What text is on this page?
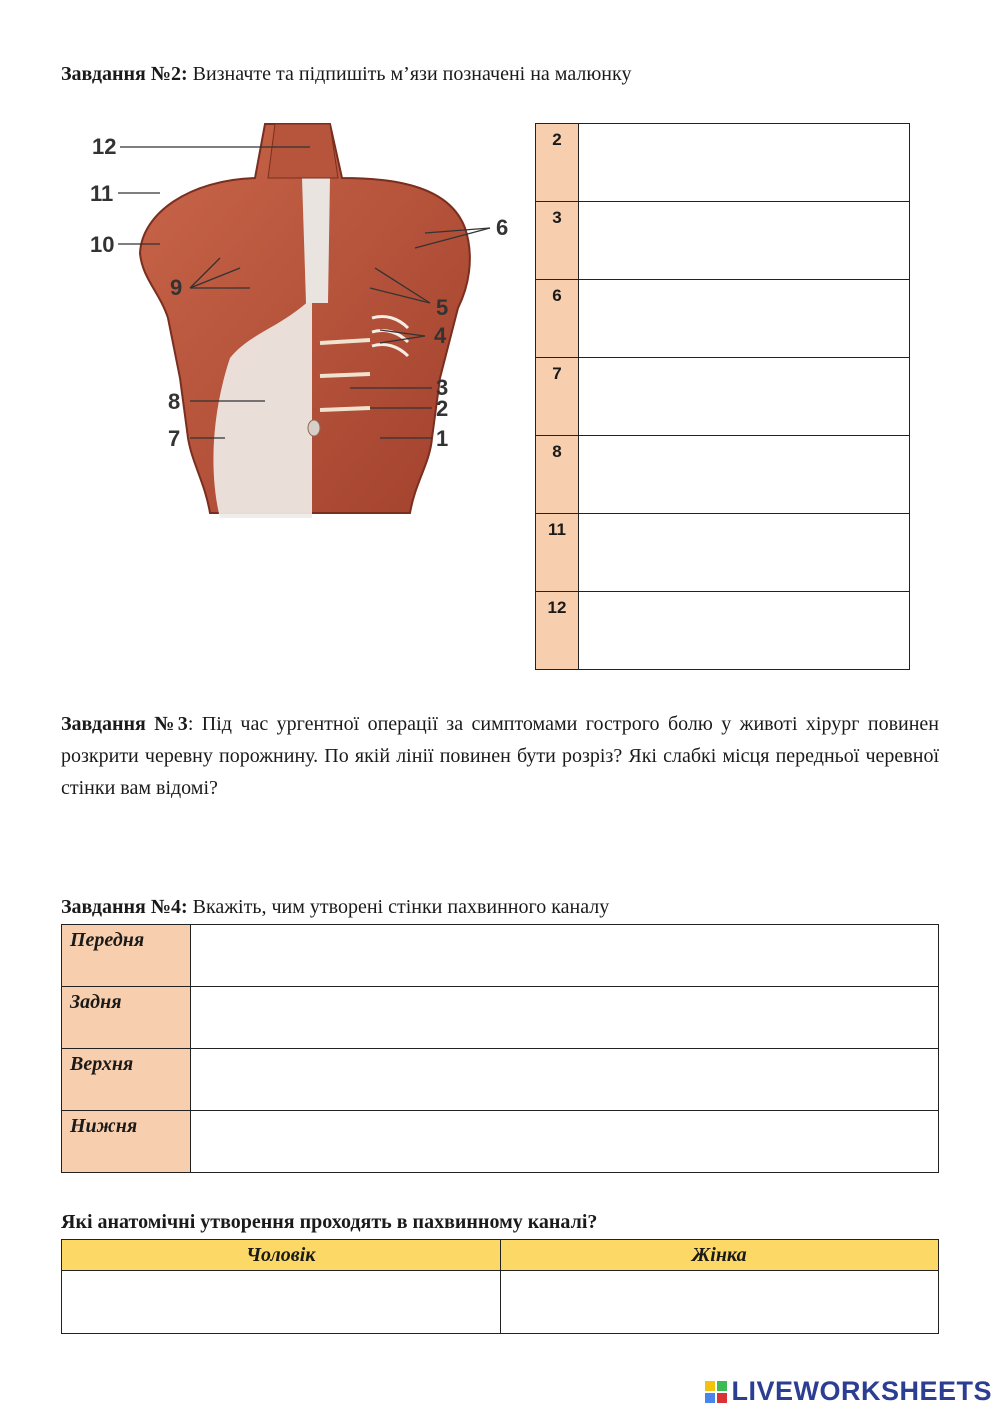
Завдання №2: Визначте та підпишіть м’язи позначені на малюнку
12
11
10
9
8
7
6
5
4
3
2
1
2	

3	

6	

7	

8	

11	

12	

Завдання №3: Під час ургентної операції за симптомами гострого болю у животі хірург повинен розкрити черевну порожнину. По якій лінії повинен бути розріз? Які слабкі місця передньої черевної стінки вам відомі?
Завдання №4: Вкажіть, чим утворені стінки пахвинного каналу
Передня	

Задня	

Верхня	

Нижня	

Які анатомічні утворення проходять в пахвинному каналі?
Чоловік	Жінка

LIVEWORKSHEETS
